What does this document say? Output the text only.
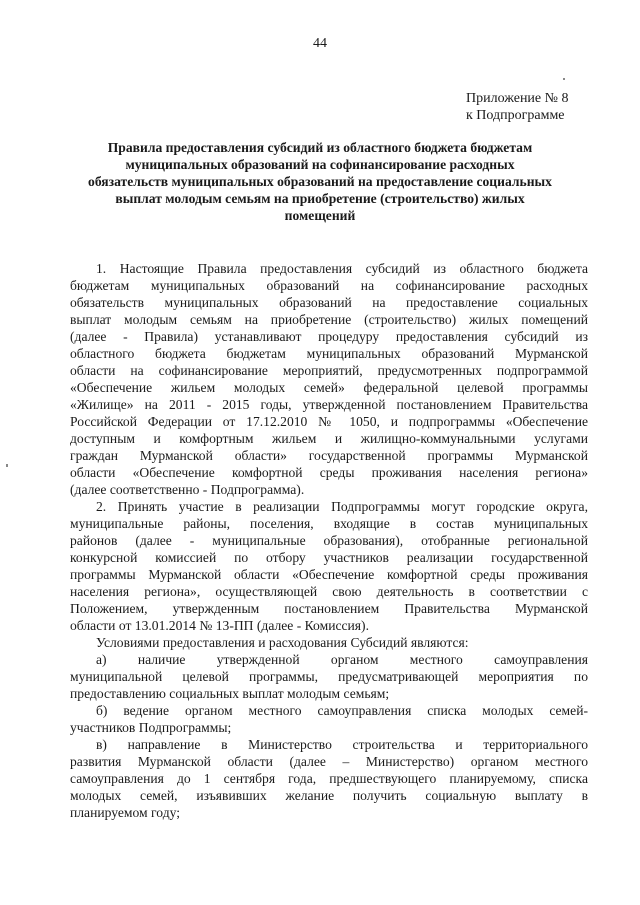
44
Приложение № 8
к Подпрограмме
Правила предоставления субсидий из областного бюджета бюджетам
муниципальных образований на софинансирование расходных
обязательств муниципальных образований на предоставление социальных
выплат молодым семьям на приобретение (строительство) жилых
помещений
1. Настоящие Правила предоставления субсидий из областного бюджета
бюджетам муниципальных образований на софинансирование расходных
обязательств муниципальных образований на предоставление социальных
выплат молодым семьям на приобретение (строительство) жилых помещений
(далее - Правила) устанавливают процедуру предоставления субсидий из
областного бюджета бюджетам муниципальных образований Мурманской
области на софинансирование мероприятий, предусмотренных подпрограммой
«Обеспечение жильем молодых семей» федеральной целевой программы
«Жилище» на 2011 - 2015 годы, утвержденной постановлением Правительства
Российской Федерации от 17.12.2010 № 1050, и подпрограммы «Обеспечение
доступным и комфортным жильем и жилищно-коммунальными услугами
граждан Мурманской области» государственной программы Мурманской
области «Обеспечение комфортной среды проживания населения региона»
(далее соответственно - Подпрограмма).
2. Принять участие в реализации Подпрограммы могут городские округа,
муниципальные районы, поселения, входящие в состав муниципальных
районов (далее - муниципальные образования), отобранные региональной
конкурсной комиссией по отбору участников реализации государственной
программы Мурманской области «Обеспечение комфортной среды проживания
населения региона», осуществляющей свою деятельность в соответствии с
Положением, утвержденным постановлением Правительства Мурманской
области от 13.01.2014 № 13-ПП (далее - Комиссия).
Условиями предоставления и расходования Субсидий являются:
а) наличие утвержденной органом местного самоуправления
муниципальной целевой программы, предусматривающей мероприятия по
предоставлению социальных выплат молодым семьям;
б) ведение органом местного самоуправления списка молодых семей-
участников Подпрограммы;
в) направление в Министерство строительства и территориального
развития Мурманской области (далее – Министерство) органом местного
самоуправления до 1 сентября года, предшествующего планируемому, списка
молодых семей, изъявивших желание получить социальную выплату в
планируемом году;
